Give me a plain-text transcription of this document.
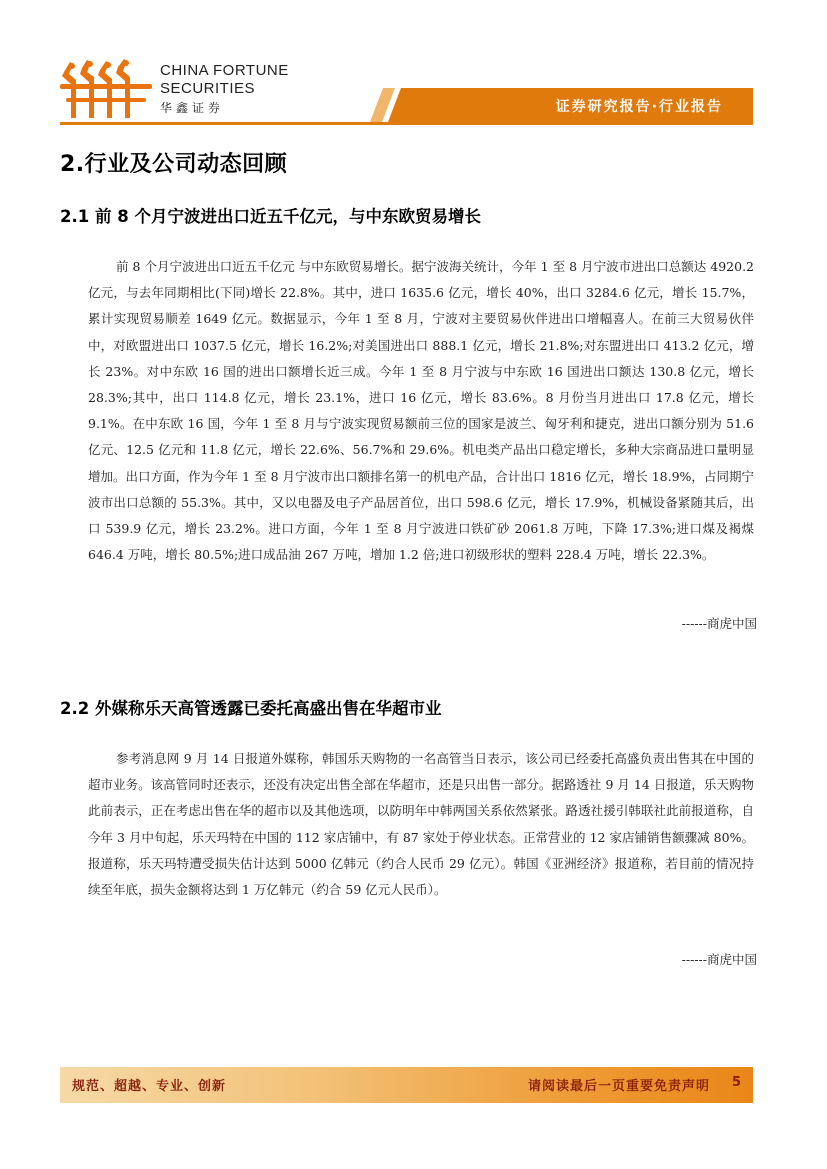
CHINA FORTUNE
SECURITIES
华鑫证券	证券研究报告·行业报告
2.行业及公司动态回顾
2.1 前 8 个月宁波进出口近五千亿元，与中东欧贸易增长

前 8 个月宁波进出口近五千亿元 与中东欧贸易增长。据宁波海关统计，今年 1 至 8 月宁波市进出口总额达 4920.2 亿元，与去年同期相比(下同)增长 22.8%。其中，进口 1635.6 亿元，增长 40%，出口 3284.6 亿元，增长 15.7%，累计实现贸易顺差 1649 亿元。数据显示，今年 1 至 8 月，宁波对主要贸易伙伴进出口增幅喜人。在前三大贸易伙伴中，对欧盟进出口 1037.5 亿元，增长 16.2%;对美国进出口 888.1 亿元，增长 21.8%;对东盟进出口 413.2 亿元，增长 23%。对中东欧 16 国的进出口额增长近三成。今年 1 至 8 月宁波与中东欧 16 国进出口额达 130.8 亿元，增长 28.3%;其中，出口 114.8 亿元，增长 23.1%，进口 16 亿元，增长 83.6%。8 月份当月进出口 17.8 亿元，增长 9.1%。在中东欧 16 国，今年 1 至 8 月与宁波实现贸易额前三位的国家是波兰、匈牙利和捷克，进出口额分别为 51.6 亿元、12.5 亿元和 11.8 亿元，增长 22.6%、56.7%和 29.6%。机电类产品出口稳定增长，多种大宗商品进口量明显增加。出口方面，作为今年 1 至 8 月宁波市出口额排名第一的机电产品，合计出口 1816 亿元，增长 18.9%，占同期宁波市出口总额的 55.3%。其中，又以电器及电子产品居首位，出口 598.6 亿元，增长 17.9%，机械设备紧随其后，出口 539.9 亿元，增长 23.2%。进口方面，今年 1 至 8 月宁波进口铁矿砂 2061.8 万吨，下降 17.3%;进口煤及褐煤 646.4 万吨，增长 80.5%;进口成品油 267 万吨，增加 1.2 倍;进口初级形状的塑料 228.4 万吨，增长 22.3%。

------商虎中国
2.2 外媒称乐天高管透露已委托高盛出售在华超市业

参考消息网 9 月 14 日报道外媒称，韩国乐天购物的一名高管当日表示，该公司已经委托高盛负责出售其在中国的超市业务。该高管同时还表示，还没有决定出售全部在华超市，还是只出售一部分。据路透社 9 月 14 日报道，乐天购物此前表示，正在考虑出售在华的超市以及其他选项，以防明年中韩两国关系依然紧张。路透社援引韩联社此前报道称，自今年 3 月中旬起，乐天玛特在中国的 112 家店铺中，有 87 家处于停业状态。正常营业的 12 家店铺销售额骤减 80%。报道称，乐天玛特遭受损失估计达到 5000 亿韩元（约合人民币 29 亿元）。韩国《亚洲经济》报道称，若目前的情况持续至年底，损失金额将达到 1 万亿韩元（约合 59 亿元人民币）。

------商虎中国
规范、超越、专业、创新	请阅读最后一页重要免责声明 5
